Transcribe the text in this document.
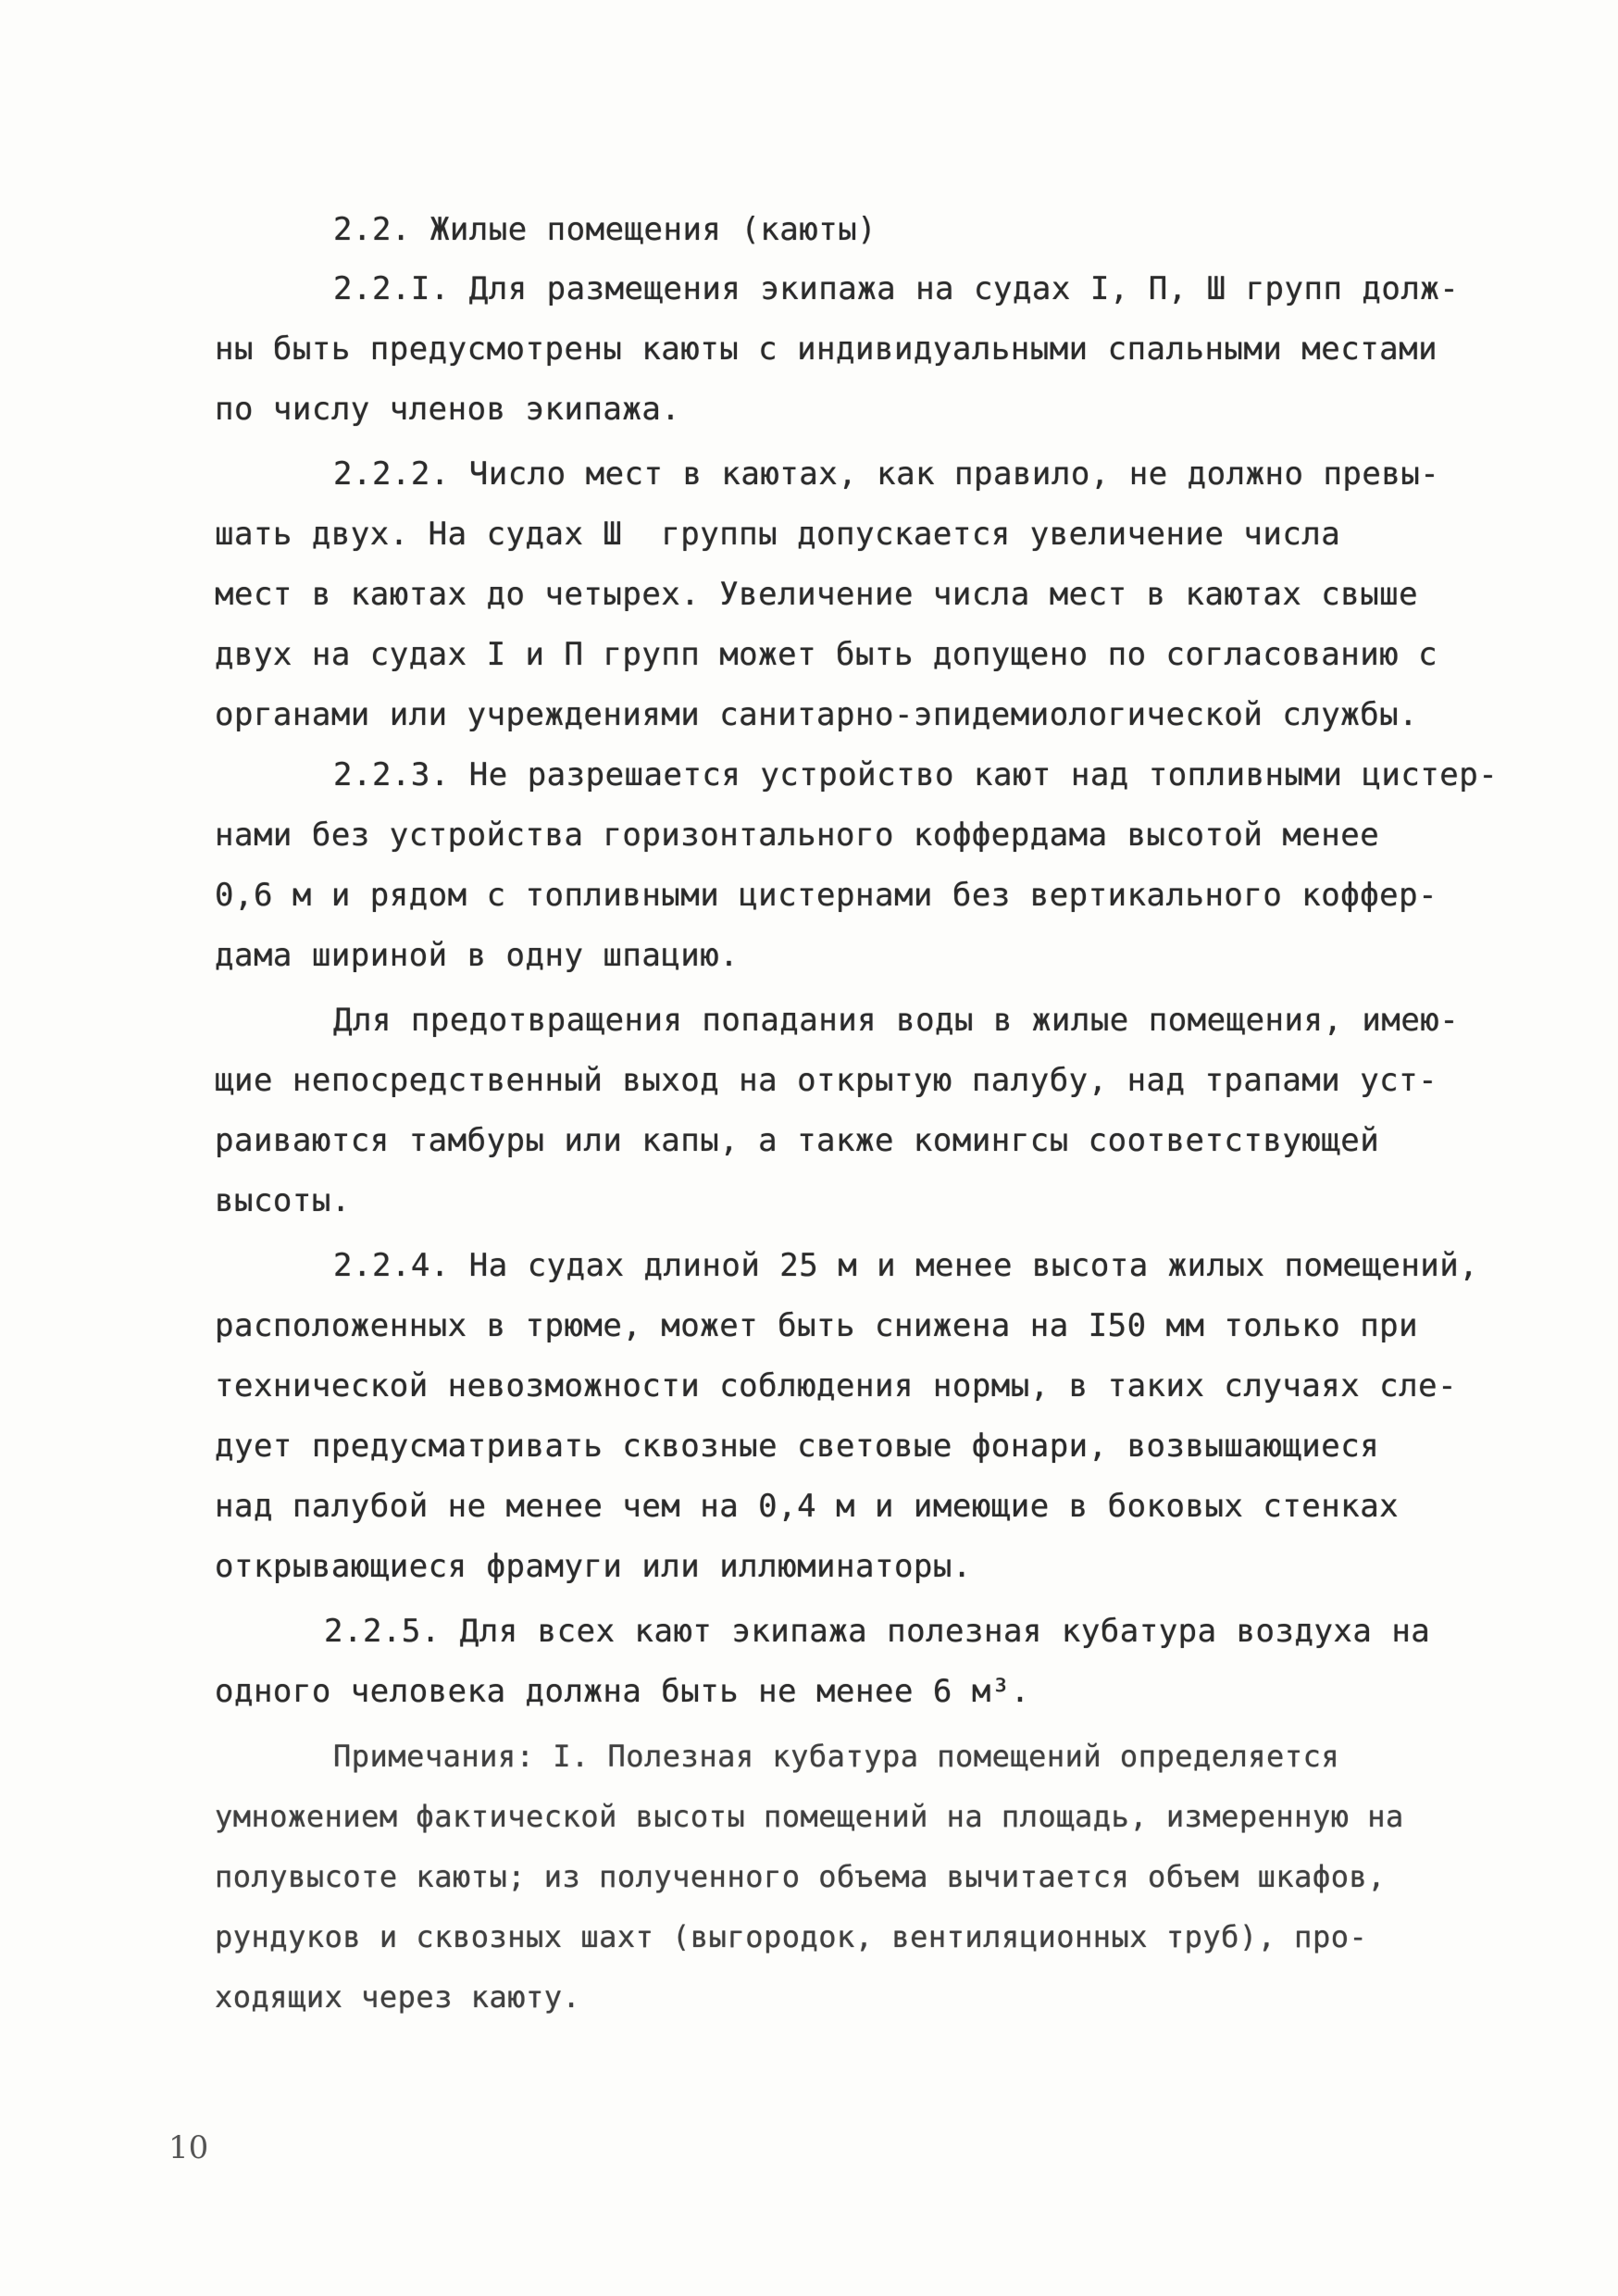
2.2. Жилые помещения (каюты)
2.2.I. Для размещения экипажа на судах I, П, Ш групп долж-
ны быть предусмотрены каюты с индивидуальными спальными местами
по числу членов экипажа.
2.2.2. Число мест в каютах, как правило, не должно превы-
шать двух. На судах Ш  группы допускается увеличение числа
мест в каютах до четырех. Увеличение числа мест в каютах свыше
двух на судах I и П групп может быть допущено по согласованию с
органами или учреждениями санитарно-эпидемиологической службы.
2.2.3. Не разрешается устройство кают над топливными цистер-
нами без устройства горизонтального коффердама высотой менее
0,6 м и рядом с топливными цистернами без вертикального коффер-
дама шириной в одну шпацию.
Для предотвращения попадания воды в жилые помещения, имею-
щие непосредственный выход на открытую палубу, над трапами уст-
раиваются тамбуры или капы, а также комингсы соответствующей
высоты.
2.2.4. На судах длиной 25 м и менее высота жилых помещений,
расположенных в трюме, может быть снижена на I50 мм только при
технической невозможности соблюдения нормы, в таких случаях сле-
дует предусматривать сквозные световые фонари, возвышающиеся
над палубой не менее чем на 0,4 м и имеющие в боковых стенках
открывающиеся фрамуги или иллюминаторы.
2.2.5. Для всех кают экипажа полезная кубатура воздуха на
одного человека должна быть не менее 6 м³.
Примечания: I. Полезная кубатура помещений определяется
умножением фактической высоты помещений на площадь, измеренную на
полувысоте каюты; из полученного объема вычитается объем шкафов,
рундуков и сквозных шахт (выгородок, вентиляционных труб), про-
ходящих через каюту.
10
